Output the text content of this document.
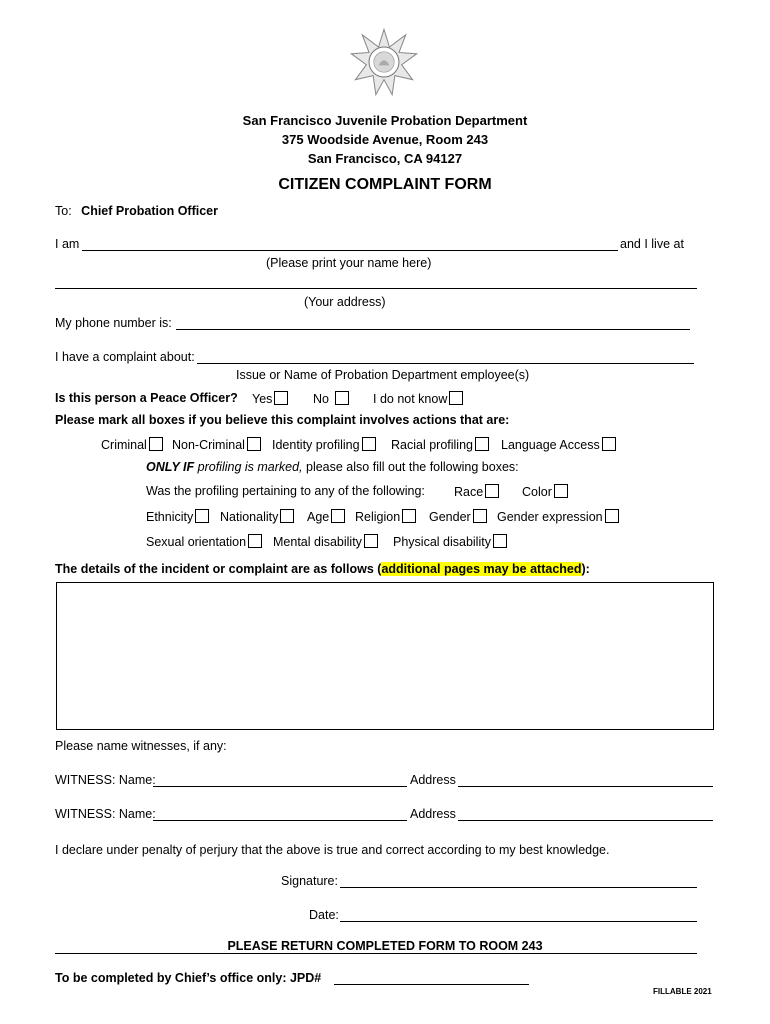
San Francisco Juvenile Probation Department
375 Woodside Avenue, Room 243
San Francisco, CA 94127
CITIZEN COMPLAINT FORM
To: Chief Probation Officer
I am	and I live at
(Please print your name here)
(Your address)
My phone number is:
I have a complaint about:
Issue or Name of Probation Department employee(s)
Is this person a Peace Officer? Yes	No	I do not know
Please mark all boxes if you believe this complaint involves actions that are:
Criminal	Non-Criminal	Identity profiling	Racial profiling	Language Access
ONLY IF profiling is marked, please also fill out the following boxes:
Was the profiling pertaining to any of the following: Race	Color
Ethnicity	Nationality	Age	Religion	Gender	Gender expression
Sexual orientation	Mental disability	Physical disability
The details of the incident or complaint are as follows (additional pages may be attached):
Please name witnesses, if any:
WITNESS: Name:	Address
WITNESS: Name:	Address
I declare under penalty of perjury that the above is true and correct according to my best knowledge.
Signature:
Date:
PLEASE RETURN COMPLETED FORM TO ROOM 243
To be completed by Chief’s office only: JPD#
FILLABLE 2021
